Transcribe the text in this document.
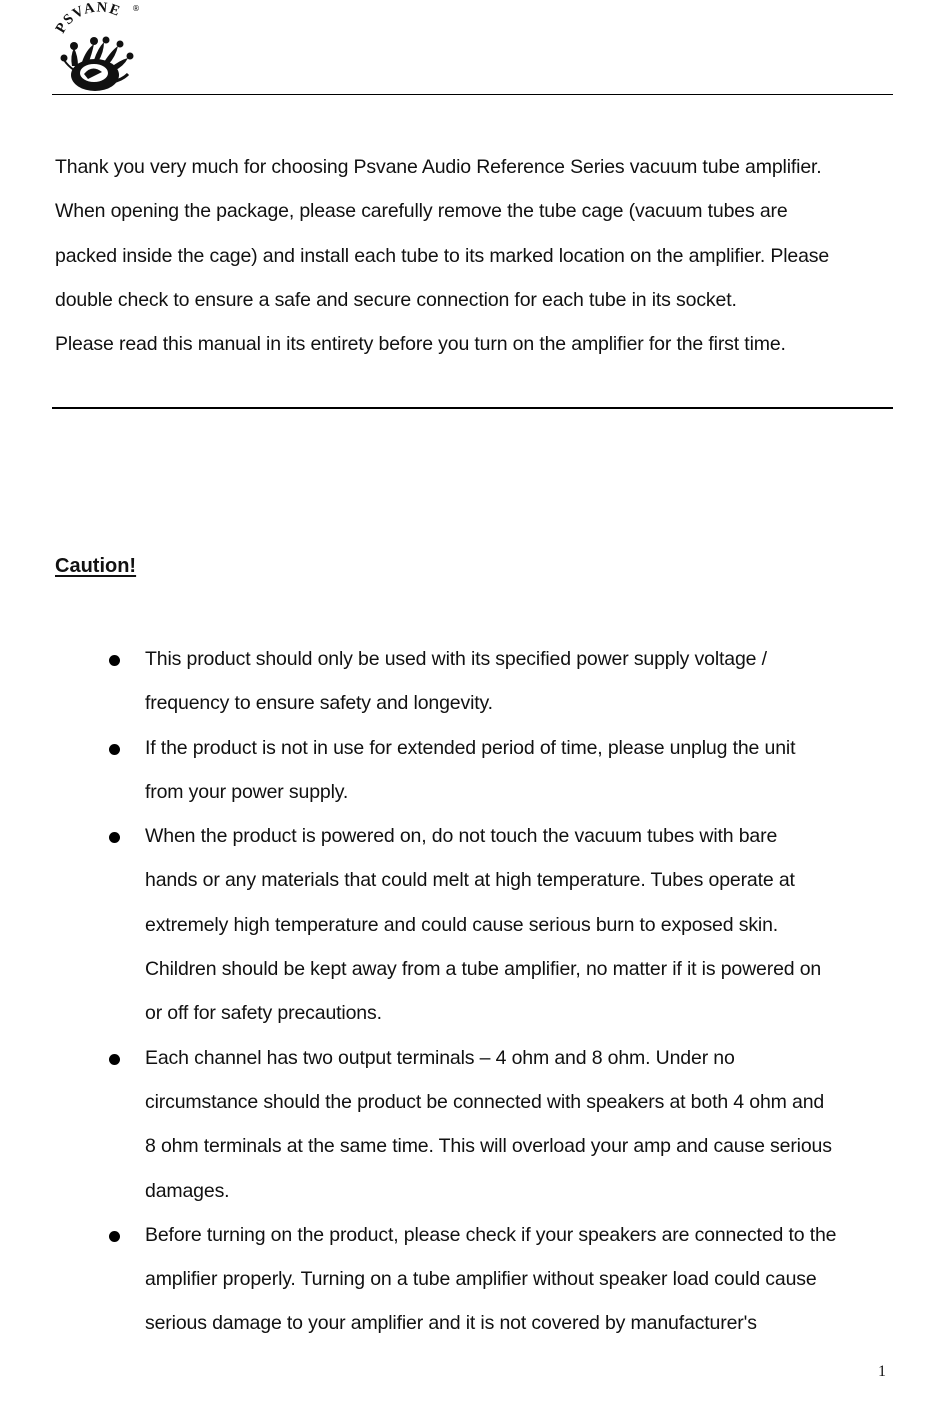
PSVANE ®
Thank you very much for choosing Psvane Audio Reference Series vacuum tube amplifier.
When opening the package, please carefully remove the tube cage (vacuum tubes are
packed inside the cage) and install each tube to its marked location on the amplifier. Please
double check to ensure a safe and secure connection for each tube in its socket.
Please read this manual in its entirety before you turn on the amplifier for the first time.
Caution!
This product should only be used with its specified power supply voltage /
frequency to ensure safety and longevity.
If the product is not in use for extended period of time, please unplug the unit
from your power supply.
When the product is powered on, do not touch the vacuum tubes with bare
hands or any materials that could melt at high temperature. Tubes operate at
extremely high temperature and could cause serious burn to exposed skin.
Children should be kept away from a tube amplifier, no matter if it is powered on
or off for safety precautions.
Each channel has two output terminals – 4 ohm and 8 ohm. Under no
circumstance should the product be connected with speakers at both 4 ohm and
8 ohm terminals at the same time. This will overload your amp and cause serious
damages.
Before turning on the product, please check if your speakers are connected to the
amplifier properly. Turning on a tube amplifier without speaker load could cause
serious damage to your amplifier and it is not covered by manufacturer's
1
